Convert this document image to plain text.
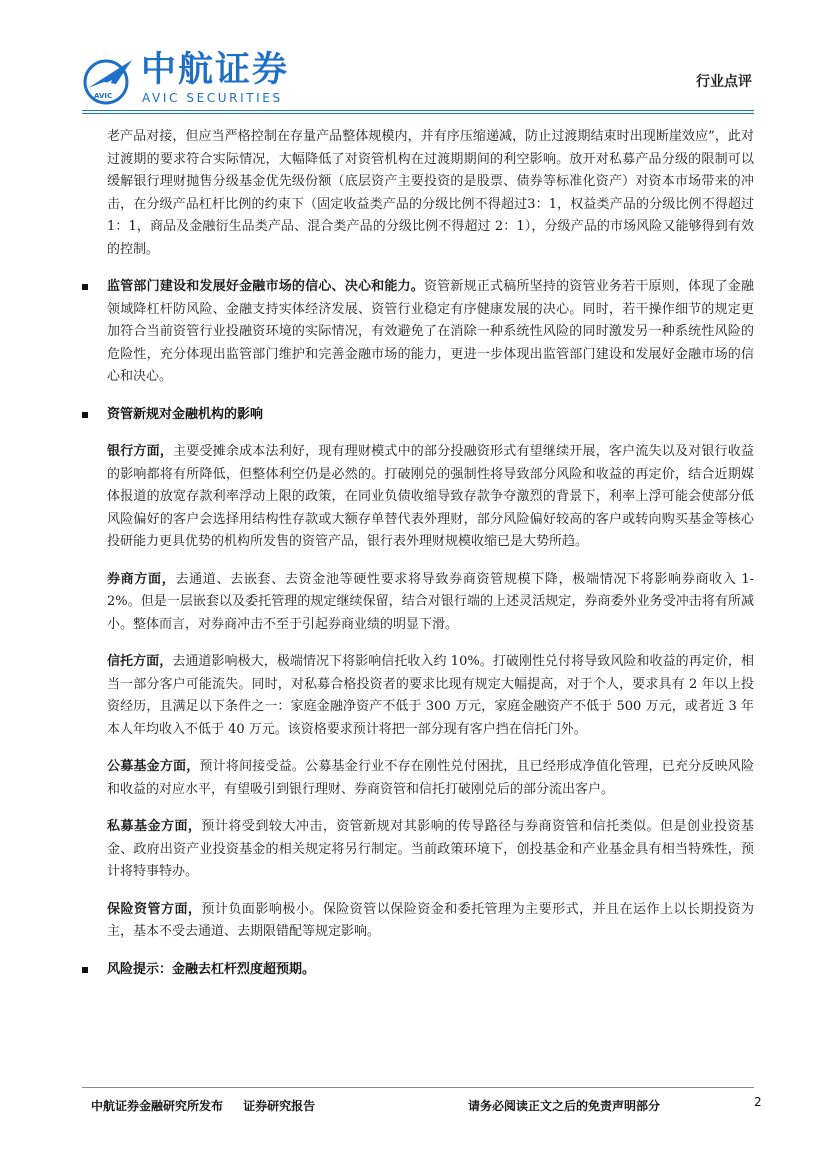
AVIC
中航证券
AVIC SECURITIES
行业点评

老产品对接，但应当严格控制在存量产品整体规模内，并有序压缩递减，防止过渡期结束时出现断崖效应”，此对过渡期的要求符合实际情况，大幅降低了对资管机构在过渡期期间的利空影响。放开对私募产品分级的限制可以缓解银行理财抛售分级基金优先级份额（底层资产主要投资的是股票、债券等标准化资产）对资本市场带来的冲击，在分级产品杠杆比例的约束下（固定收益类产品的分级比例不得超过3：1，权益类产品的分级比例不得超过 1：1，商品及金融衍生品类产品、混合类产品的分级比例不得超过 2：1），分级产品的市场风险又能够得到有效的控制。

监管部门建设和发展好金融市场的信心、决心和能力。资管新规正式稿所坚持的资管业务若干原则，体现了金融领域降杠杆防风险、金融支持实体经济发展、资管行业稳定有序健康发展的决心。同时，若干操作细节的规定更加符合当前资管行业投融资环境的实际情况，有效避免了在消除一种系统性风险的同时激发另一种系统性风险的危险性，充分体现出监管部门维护和完善金融市场的能力，更进一步体现出监管部门建设和发展好金融市场的信心和决心。

资管新规对金融机构的影响

银行方面，主要受摊余成本法利好，现有理财模式中的部分投融资形式有望继续开展，客户流失以及对银行收益的影响都将有所降低，但整体利空仍是必然的。打破刚兑的强制性将导致部分风险和收益的再定价，结合近期媒体报道的放宽存款利率浮动上限的政策，在同业负债收缩导致存款争夺激烈的背景下，利率上浮可能会使部分低风险偏好的客户会选择用结构性存款或大额存单替代表外理财，部分风险偏好较高的客户或转向购买基金等核心投研能力更具优势的机构所发售的资管产品，银行表外理财规模收缩已是大势所趋。

券商方面，去通道、去嵌套、去资金池等硬性要求将导致券商资管规模下降，极端情况下将影响券商收入 1-2%。但是一层嵌套以及委托管理的规定继续保留，结合对银行端的上述灵活规定，券商委外业务受冲击将有所减小。整体而言，对券商冲击不至于引起券商业绩的明显下滑。

信托方面，去通道影响极大，极端情况下将影响信托收入约 10%。打破刚性兑付将导致风险和收益的再定价，相当一部分客户可能流失。同时，对私募合格投资者的要求比现有规定大幅提高，对于个人，要求具有 2 年以上投资经历，且满足以下条件之一：家庭金融净资产不低于 300 万元，家庭金融资产不低于 500 万元，或者近 3 年本人年均收入不低于 40 万元。该资格要求预计将把一部分现有客户挡在信托门外。

公募基金方面，预计将间接受益。公募基金行业不存在刚性兑付困扰，且已经形成净值化管理，已充分反映风险和收益的对应水平，有望吸引到银行理财、券商资管和信托打破刚兑后的部分流出客户。

私募基金方面，预计将受到较大冲击，资管新规对其影响的传导路径与券商资管和信托类似。但是创业投资基金、政府出资产业投资基金的相关规定将另行制定。当前政策环境下，创投基金和产业基金具有相当特殊性，预计将特事特办。

保险资管方面，预计负面影响极小。保险资管以保险资金和委托管理为主要形式，并且在运作上以长期投资为主，基本不受去通道、去期限错配等规定影响。

风险提示：金融去杠杆烈度超预期。
中航证券金融研究所发布　 证券研究报告	请务必阅读正文之后的免责声明部分	2
